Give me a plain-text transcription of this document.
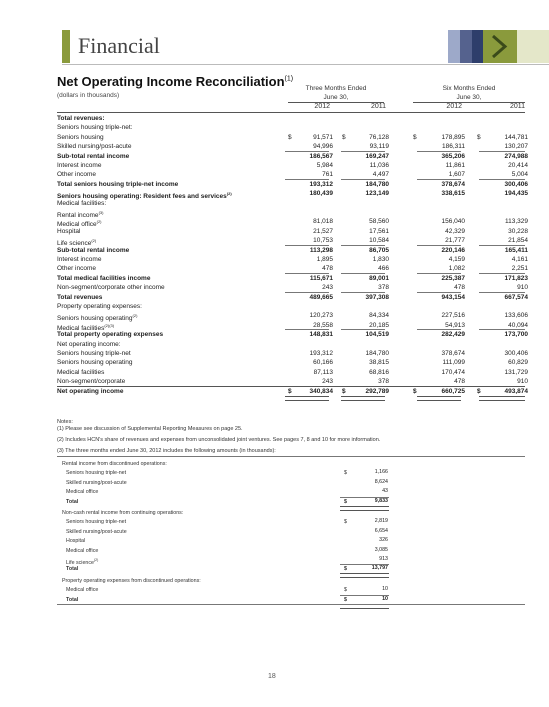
Financial
Net Operating Income Reconciliation$^{(1)}$
(dollars in thousands)
Three Months Ended
June 30,
Six Months Ended
June 30,
2012	2011	2012	2011
Total revenues:
Seniors housing triple-net:
Seniors housing	$	91,571 $	76,128	$	178,895 $	144,781
Skilled nursing/post-acute	94,996	93,119	186,311	130,207
Sub-total rental income	186,567	169,247	365,206	274,988
Interest income	5,984	11,036	11,861	20,414
Other income	761	4,497	1,607	5,004
Total seniors housing triple-net income	193,312	184,780	378,674	300,406
Seniors housing operating: Resident fees and services$^{(2)}$	180,439	123,149	338,615	194,435
Medical facilities:
Rental income$^{(3)}$
Medical office$^{(2)}$	81,018	58,560	156,040	113,329
Hospital	21,527	17,561	42,329	30,228
Life science$^{(2)}$	10,753	10,584	21,777	21,854
Sub-total rental income	113,298	86,705	220,146	165,411
Interest income	1,895	1,830	4,159	4,161
Other income	478	466	1,082	2,251
Total medical facilities income	115,671	89,001	225,387	171,823
Non-segment/corporate other income	243	378	478	910
Total revenues	489,665	397,308	943,154	667,574
Property operating expenses:
Seniors housing operating$^{(2)}$	120,273	84,334	227,516	133,606
Medical facilities$^{(2)(3)}$	28,558	20,185	54,913	40,094
Total property operating expenses	148,831	104,519	282,429	173,700
Net operating income:
Seniors housing triple-net	193,312	184,780	378,674	300,406
Seniors housing operating	60,166	38,815	111,099	60,829
Medical facilities	87,113	68,816	170,474	131,729
Non-segment/corporate	243	378	478	910
Net operating income	$	340,834 $	292,789	$	660,725 $	493,874
Notes:
(1) Please see discussion of Supplemental Reporting Measures on page 25.
(2) Includes HCN's share of revenues and expenses from unconsolidated joint ventures. See pages 7, 8 and 10 for more information.
(3) The three months ended June 30, 2012 includes the following amounts (in thousands):
Rental income from discontinued operations:
Seniors housing triple-net	$	1,166
Skilled nursing/post-acute	8,624
Medical office	43
Total	$	9,833
Non-cash rental income from continuing operations:
Seniors housing triple-net	$	2,819
Skilled nursing/post-acute	6,654
Hospital	326
Medical office	3,085
Life science$^{(2)}$	913
Total	$	13,797
Property operating expenses from discontinued operations:
Medical office	$	10
Total	$	10
18
